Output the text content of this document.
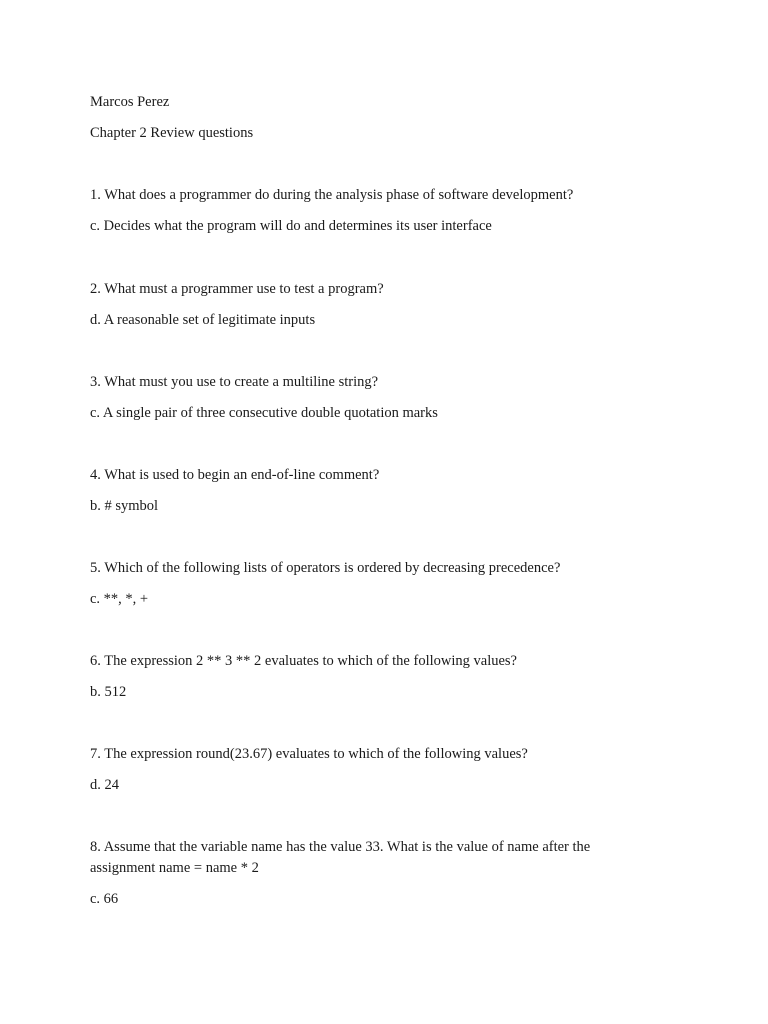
Marcos Perez

Chapter 2 Review questions

1. What does a programmer do during the analysis phase of software development?

c. Decides what the program will do and determines its user interface

2. What must a programmer use to test a program?

d. A reasonable set of legitimate inputs

3. What must you use to create a multiline string?

c. A single pair of three consecutive double quotation marks

4. What is used to begin an end-of-line comment?

b. # symbol

5. Which of the following lists of operators is ordered by decreasing precedence?

c. **, *, +

6. The expression 2 ** 3 ** 2 evaluates to which of the following values?

b. 512

7. The expression round(23.67) evaluates to which of the following values?

d. 24

8. Assume that the variable name has the value 33. What is the value of name after the assignment name = name * 2

c. 66
